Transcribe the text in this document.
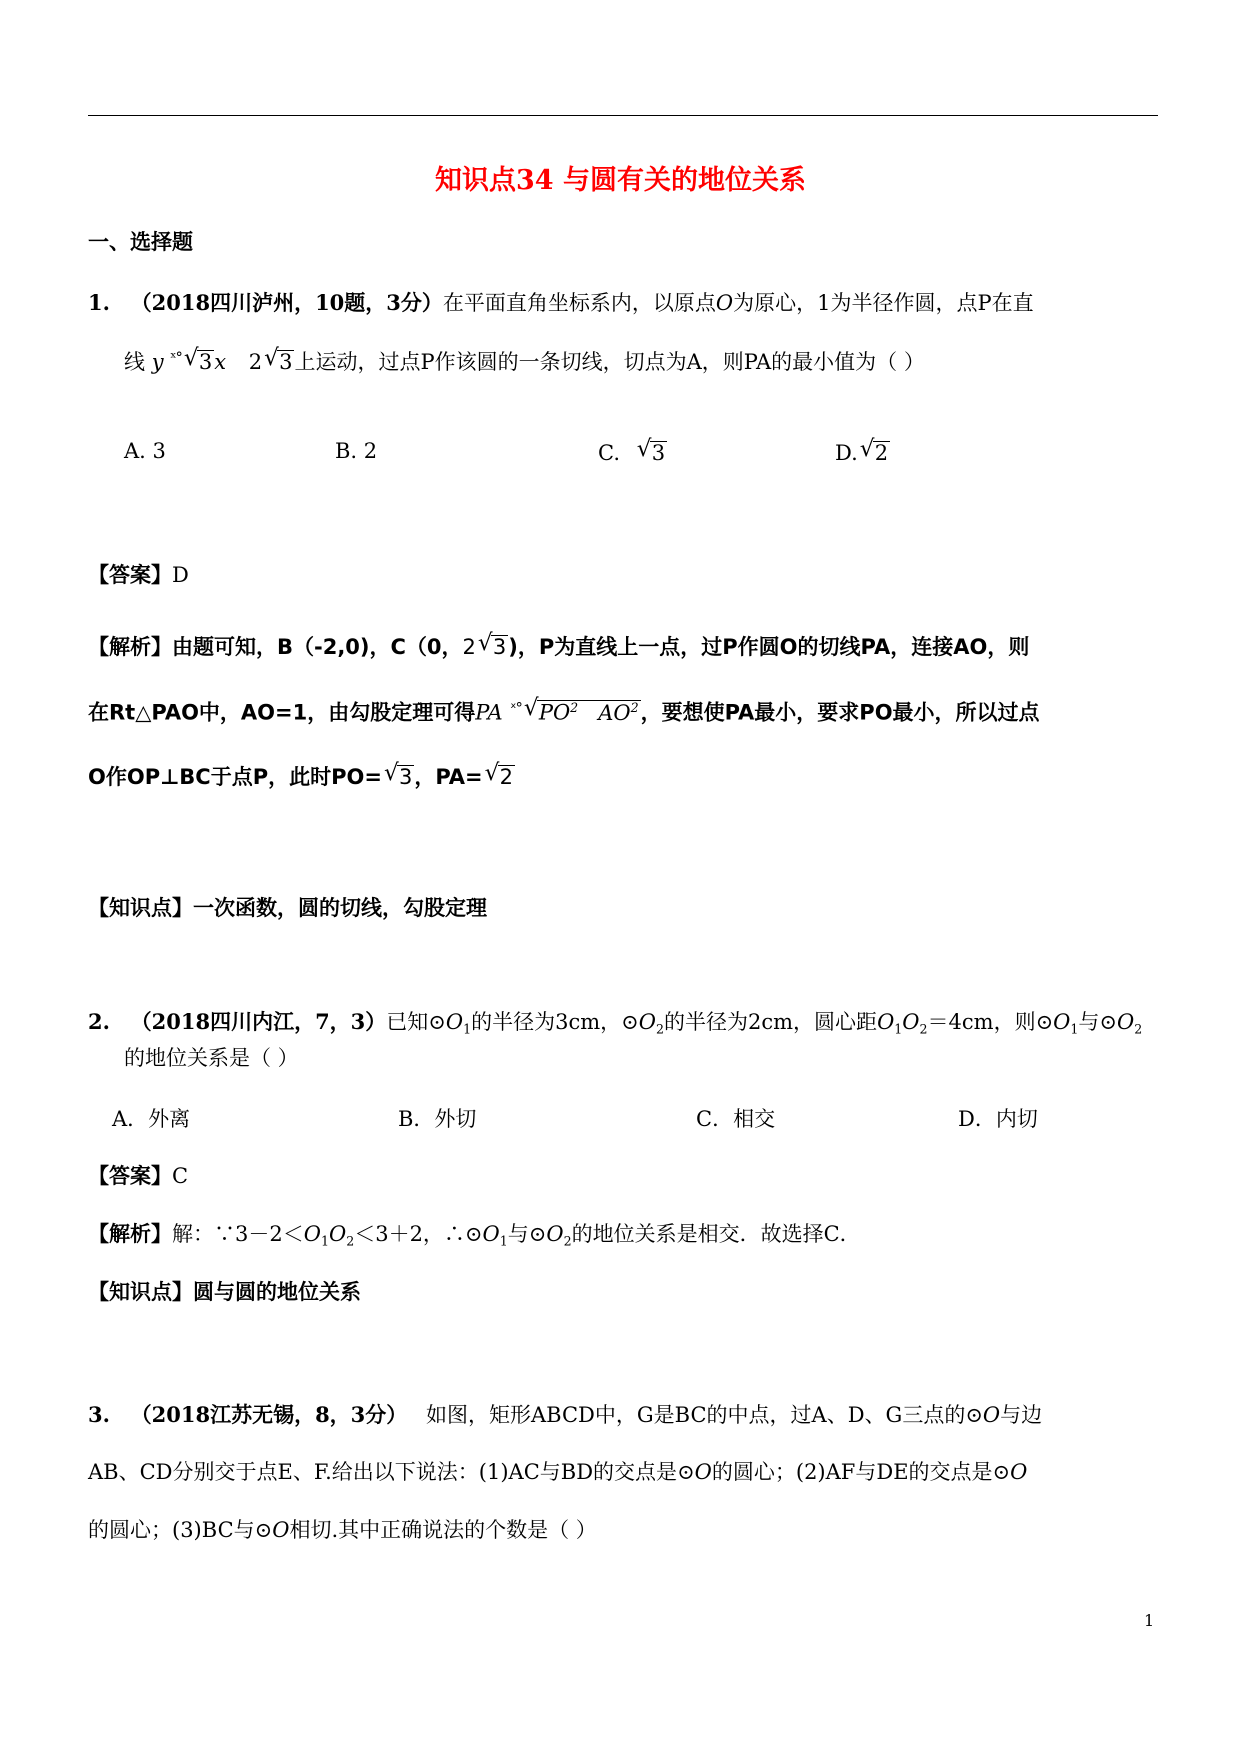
知识点34 与圆有关的地位关系
一、选择题
1. （2018四川泸州，10题，3分）在平面直角坐标系内，以原点O为原心，1为半径作圆，点P在直
线 y $^{ˣ^\circ}$ √ 3x 2 √ 3上运动，过点P作该圆的一条切线，切点为A，则PA的最小值为（ ）
A. 3	B. 2	C. √ 3	D. √ 2
【答案】D
【解析】由题可知，B（-2,0)，C（0，2 √ 3)，P为直线上一点，过P作圆O的切线PA，连接AO，则
在Rt△PAO中，AO=1，由勾股定理可得PA $^{ˣ^\circ}$ √ $PO^2$ $AO^2$，要想使PA最小，要求PO最小，所以过点
O作OP⊥BC于点P，此时PO= √ 3，PA= √ 2
【知识点】一次函数，圆的切线，勾股定理
2. （2018四川内江，7，3）已知$⊙O_1$的半径为3cm，$⊙O_2$的半径为2cm，圆心距$O_1O_2=4cm$，则$⊙O_1$与$⊙O_2$
的地位关系是（ ）
A．外离	B．外切	C．相交	D．内切
【答案】C
【解析】解：$\because 3-2<O_1O_2<3+2$，$\therefore⊙O_1$与$⊙O_2$的地位关系是相交．故选择C．
【知识点】圆与圆的地位关系
3. （2018江苏无锡，8，3分） 如图，矩形ABCD中，G是BC的中点，过A、D、G三点的⊙O与边
AB、CD分别交于点E、F.给出以下说法：(1)AC与BD的交点是⊙O的圆心；(2)AF与DE的交点是⊙O
的圆心；(3)BC与⊙O相切.其中正确说法的个数是（ ）
1
